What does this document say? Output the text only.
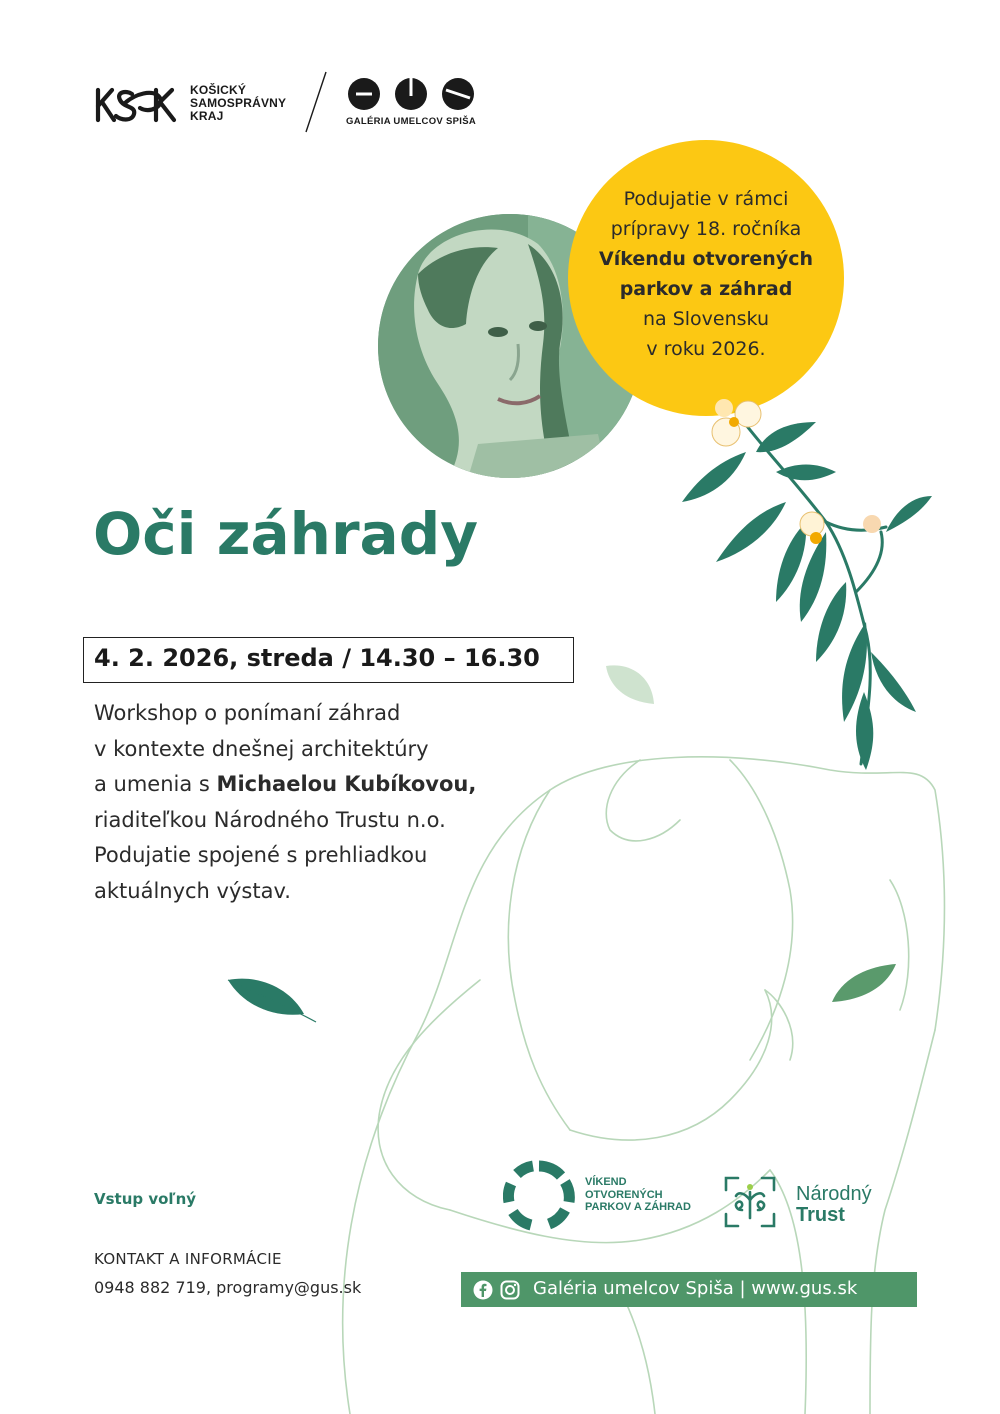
KOŠICKÝ
SAMOSPRÁVNY
KRAJ	GALÉRIA UMELCOV SPIŠA
Podujatie v rámci
prípravy 18. ročníka
Víkendu otvorených
parkov a záhrad
na Slovensku
v roku 2026.
Oči záhrady
4. 2. 2026, streda / 14.30 – 16.30
Workshop o ponímaní záhrad
v kontexte dnešnej architektúry
a umenia s Michaelou Kubíkovou,
riaditeľkou Národného Trustu n.o.
Podujatie spojené s prehliadkou
aktuálnych výstav.
Vstup voľný
KONTAKT A INFORMÁCIE
0948 882 719, programy@gus.sk
VÍKEND
OTVORENÝCH
PARKOV A ZÁHRAD
Národný
Trust
Galéria umelcov Spiša | www.gus.sk
